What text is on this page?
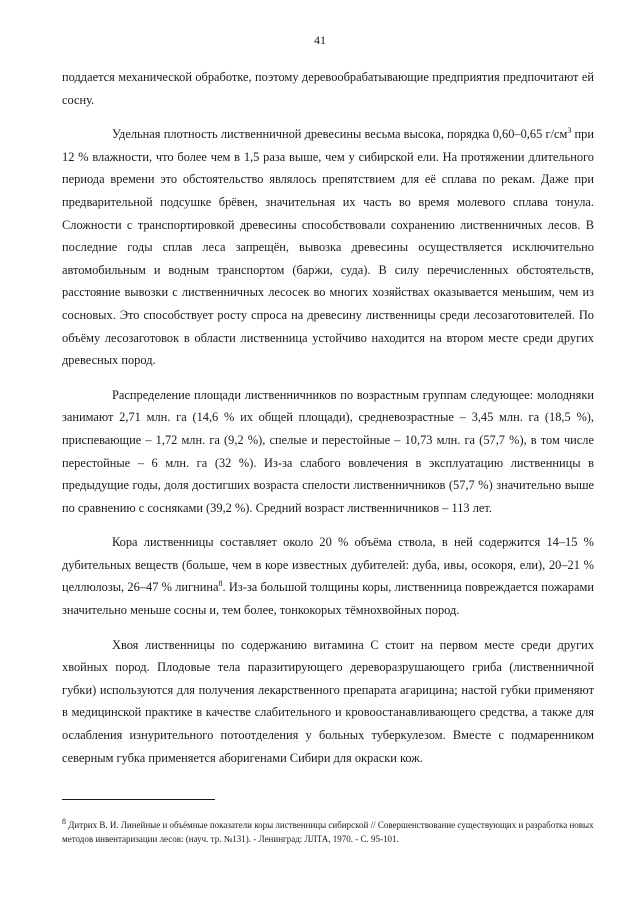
41

поддается механической обработке, поэтому деревообрабатывающие предприятия предпочитают ей сосну.

Удельная плотность лиственничной древесины весьма высока, порядка 0,60–0,65 $г/см^3$ при 12 % влажности, что более чем в 1,5 раза выше, чем у сибирской ели. На протяжении длительного периода времени это обстоятельство являлось препятствием для её сплава по рекам. Даже при предварительной подсушке брёвен, значительная их часть во время молевого сплава тонула. Сложности с транспортировкой древесины способствовали сохранению лиственничных лесов. В последние годы сплав леса запрещён, вывозка древесины осуществляется исключительно автомобильным и водным транспортом (баржи, суда). В силу перечисленных обстоятельств, расстояние вывозки с лиственничных лесосек во многих хозяйствах оказывается меньшим, чем из сосновых. Это способствует росту спроса на древесину лиственницы среди лесозаготовителей. По объёму лесозаготовок в области лиственница устойчиво находится на втором месте среди других древесных пород.

Распределение площади лиственничников по возрастным группам следующее: молодняки занимают 2,71 млн. га (14,6 % их общей площади), средневозрастные – 3,45 млн. га (18,5 %), приспевающие – 1,72 млн. га (9,2 %), спелые и перестойные – 10,73 млн. га (57,7 %), в том числе перестойные – 6 млн. га (32 %). Из-за слабого вовлечения в эксплуатацию лиственницы в предыдущие годы, доля достигших возраста спелости лиственничников (57,7 %) значительно выше по сравнению с сосняками (39,2 %). Средний возраст лиственничников – 113 лет.

Кора лиственницы составляет около 20 % объёма ствола, в ней содержится 14–15 % дубительных веществ (больше, чем в коре известных дубителей: дуба, ивы, осокоря, ели), 20–21 % целлюлозы, 26–47 % лигнина$^8$. Из-за большой толщины коры, лиственница повреждается пожарами значительно меньше сосны и, тем более, тонкокорых тёмнохвойных пород.

Хвоя лиственницы по содержанию витамина С стоит на первом месте среди других хвойных пород. Плодовые тела паразитирующего дереворазрушающего гриба (лиственничной губки) используются для получения лекарственного препарата агарицина; настой губки применяют в медицинской практике в качестве слабительного и кровоостанавливающего средства, а также для ослабления изнурительного потоотделения у больных туберкулезом. Вместе с подмаренником северным губка применяется аборигенами Сибири для окраски кож.

$^8$ Дитрих В. И. Линейные и объёмные показатели коры лиственницы сибирской // Совершенствование существующих и разработка новых методов инвентаризации лесов: (науч. тр. №131). - Ленинград: ЛЛТА, 1970. - С. 95-101.
